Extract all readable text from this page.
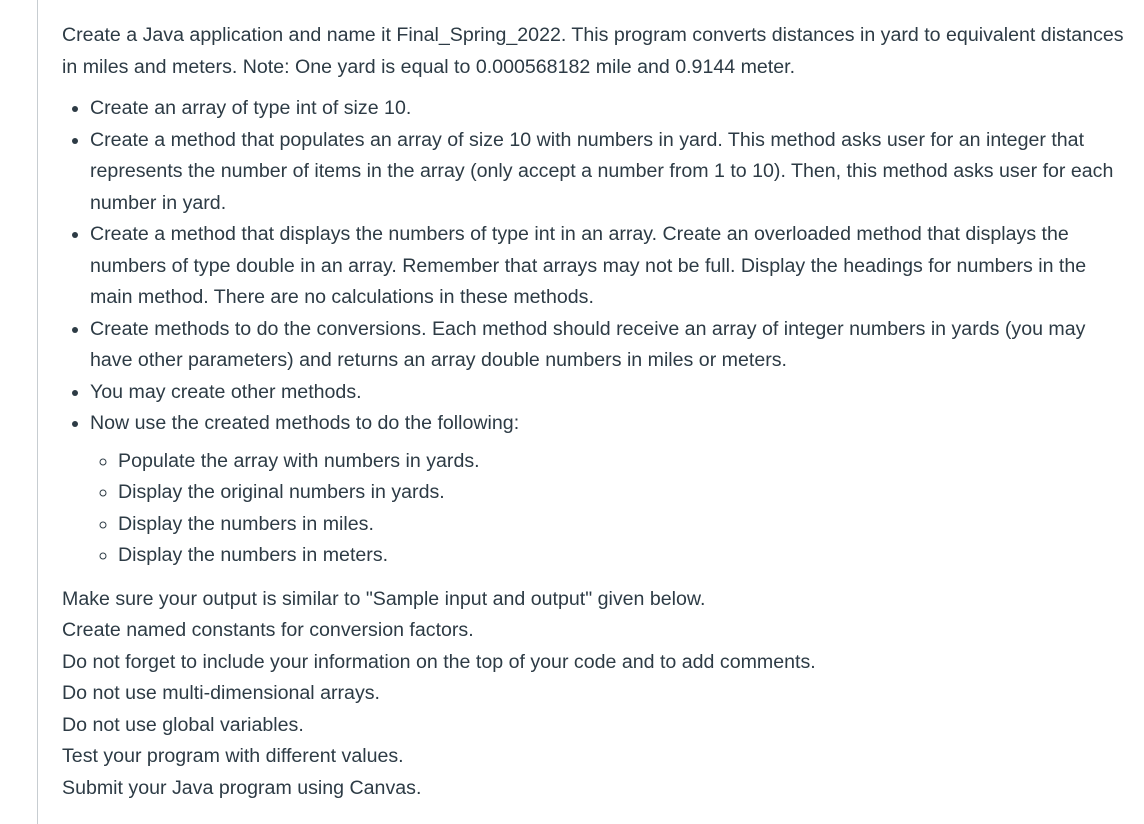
Create a Java application and name it Final_Spring_2022. This program converts distances in yard to equivalent distances in miles and meters. Note: One yard is equal to 0.000568182 mile and 0.9144 meter.

• Create an array of type int of size 10.
• Create a method that populates an array of size 10 with numbers in yard. This method asks user for an integer that represents the number of items in the array (only accept a number from 1 to 10). Then, this method asks user for each number in yard.
• Create a method that displays the numbers of type int in an array. Create an overloaded method that displays the numbers of type double in an array. Remember that arrays may not be full. Display the headings for numbers in the main method. There are no calculations in these methods.
• Create methods to do the conversions. Each method should receive an array of integer numbers in yards (you may have other parameters) and returns an array double numbers in miles or meters.
• You may create other methods.
• Now use the created methods to do the following:
◦ Populate the array with numbers in yards.
◦ Display the original numbers in yards.
◦ Display the numbers in miles.
◦ Display the numbers in meters.

Make sure your output is similar to "Sample input and output" given below.

Create named constants for conversion factors.

Do not forget to include your information on the top of your code and to add comments.

Do not use multi-dimensional arrays.

Do not use global variables.

Test your program with different values.

Submit your Java program using Canvas.
